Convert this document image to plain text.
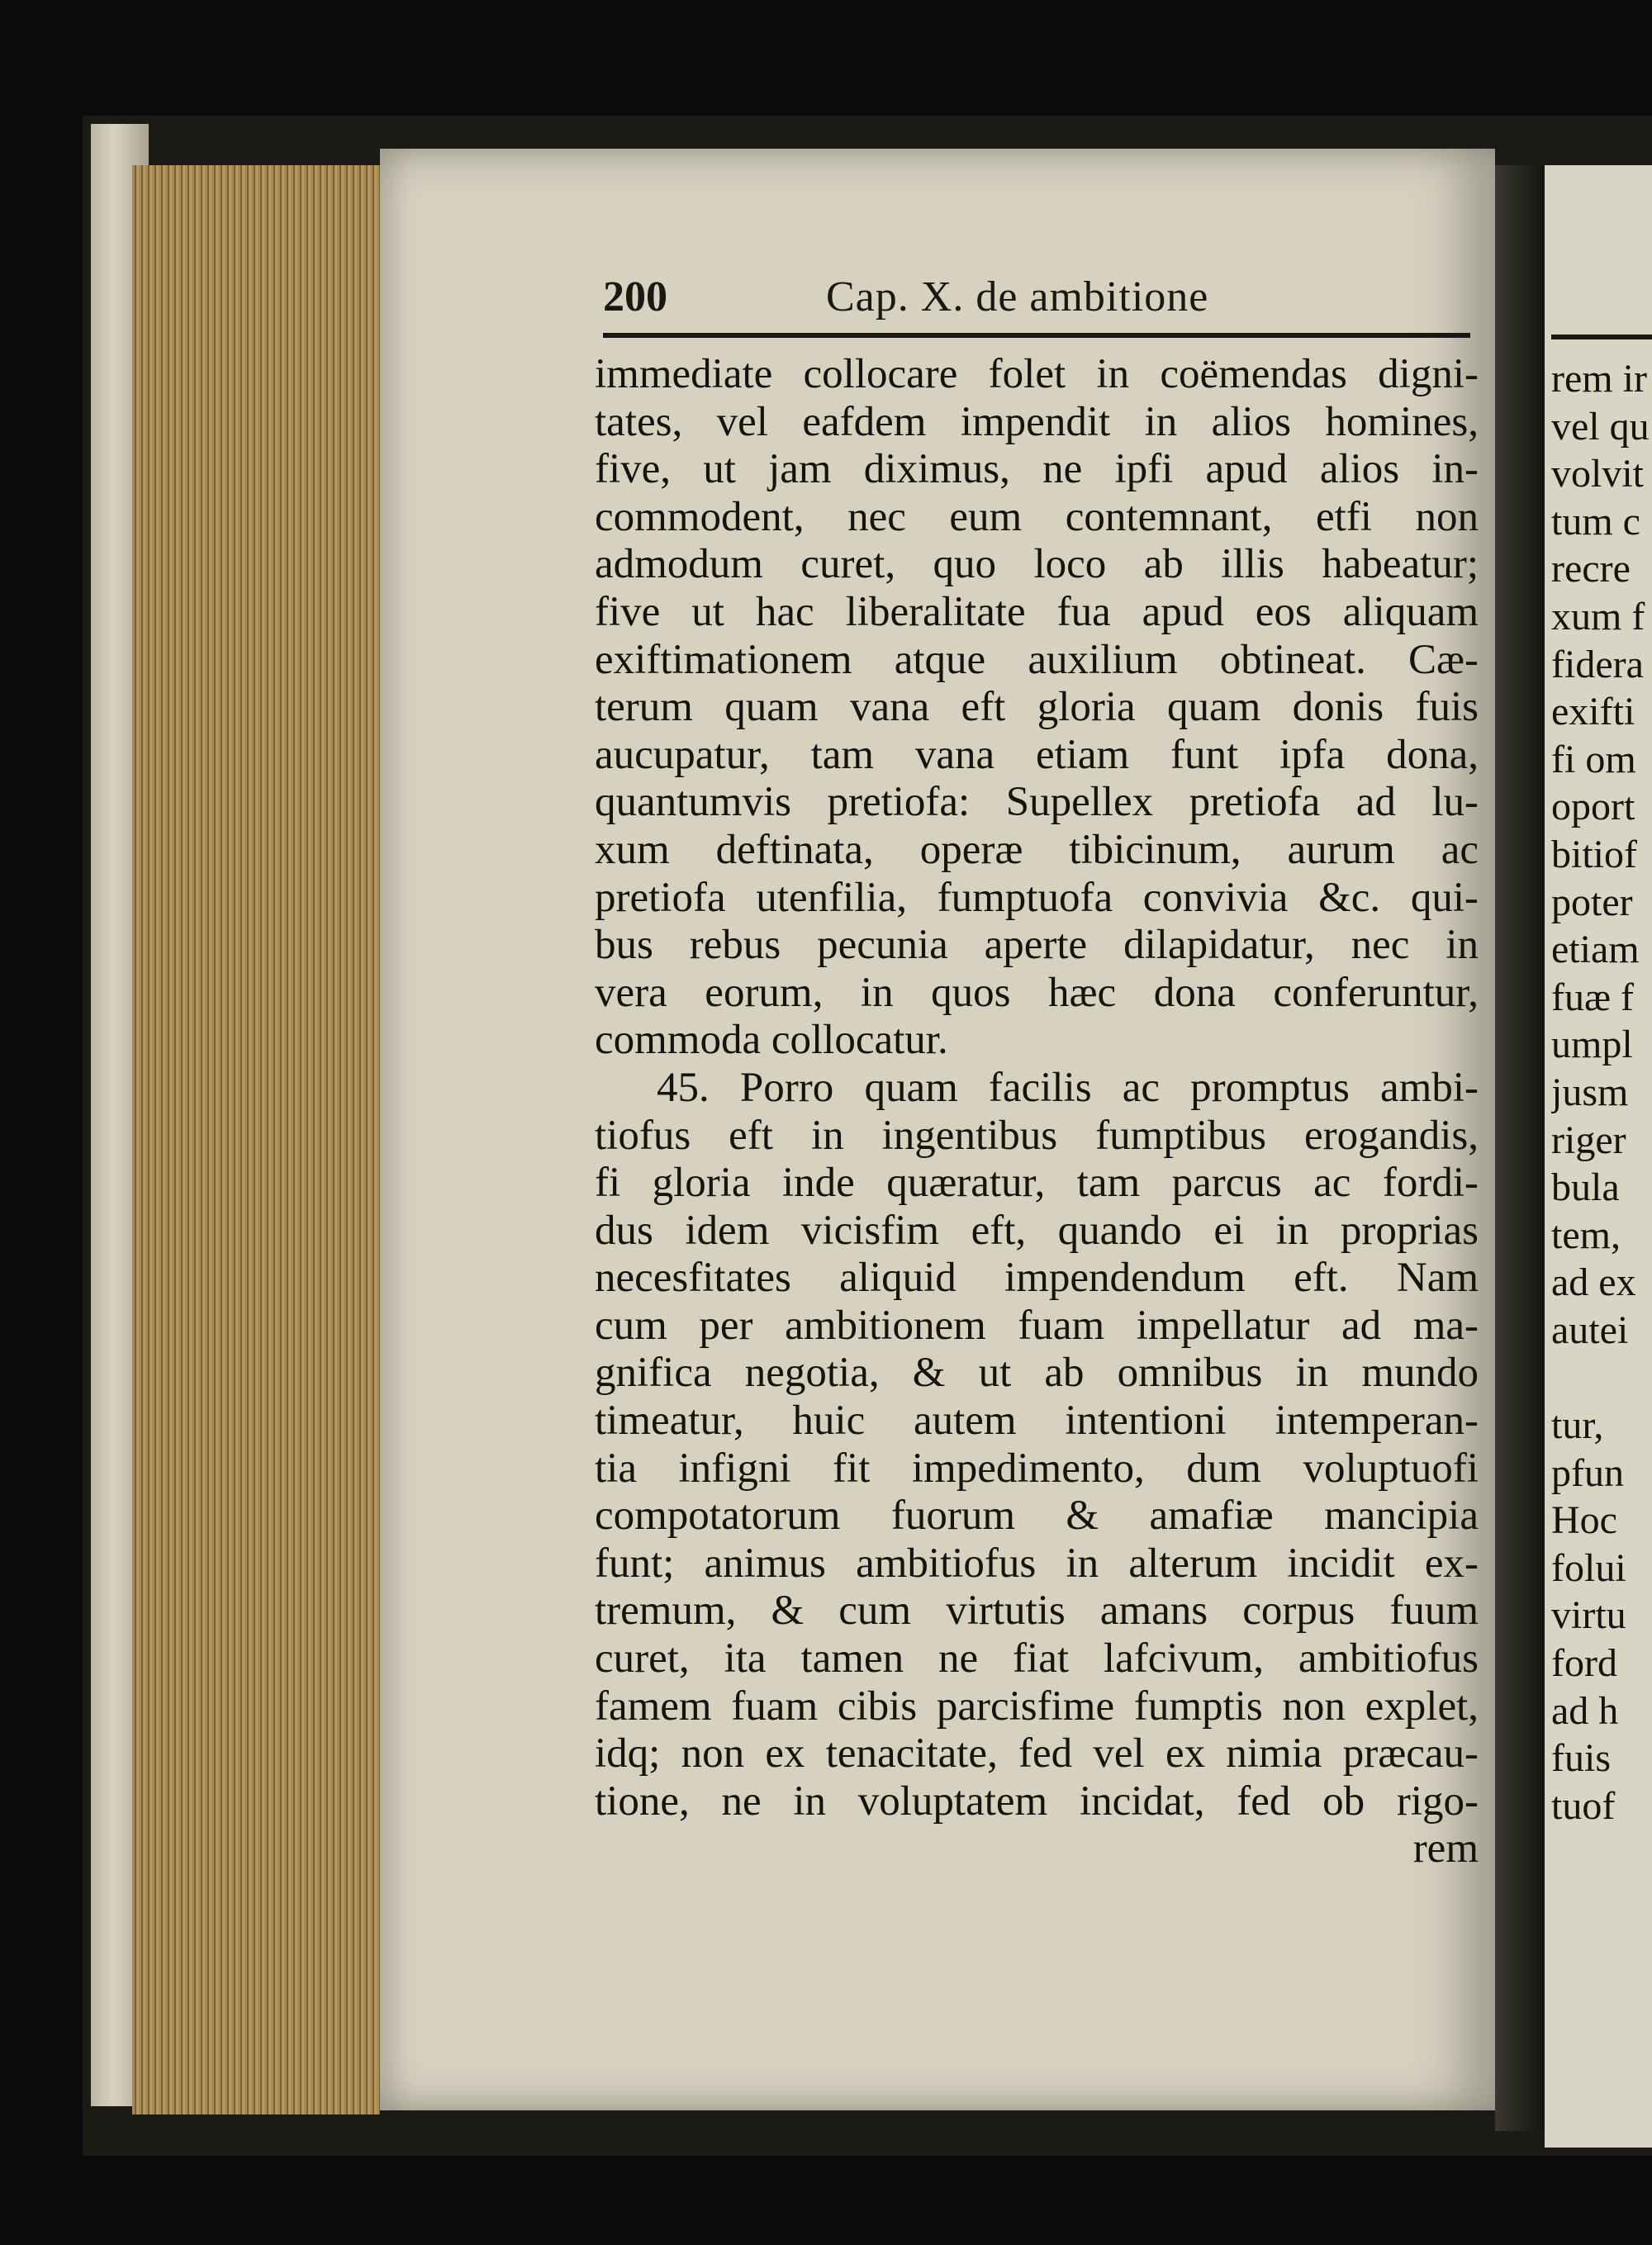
200	Cap. X. de ambitione
immediate collocare folet in coëmendas digni-
tates, vel eafdem impendit in alios homines,
five, ut jam diximus, ne ipfi apud alios in-
commodent, nec eum contemnant, etfi non
admodum curet, quo loco ab illis habeatur;
five ut hac liberalitate fua apud eos aliquam
exiftimationem atque auxilium obtineat. Cæ-
terum quam vana eft gloria quam donis fuis
aucupatur, tam vana etiam funt ipfa dona,
quantumvis pretiofa: Supellex pretiofa ad lu-
xum deftinata, operæ tibicinum, aurum ac
pretiofa utenfilia, fumptuofa convivia &c. qui-
bus rebus pecunia aperte dilapidatur, nec in
vera eorum, in quos hæc dona conferuntur,
commoda collocatur.
45. Porro quam facilis ac promptus ambi-
tiofus eft in ingentibus fumptibus erogandis,
fi gloria inde quæratur, tam parcus ac fordi-
dus idem vicisfim eft, quando ei in proprias
necesfitates aliquid impendendum eft. Nam
cum per ambitionem fuam impellatur ad ma-
gnifica negotia, & ut ab omnibus in mundo
timeatur, huic autem intentioni intemperan-
tia infigni fit impedimento, dum voluptuofi
compotatorum fuorum & amafiæ mancipia
funt; animus ambitiofus in alterum incidit ex-
tremum, & cum virtutis amans corpus fuum
curet, ita tamen ne fiat lafcivum, ambitiofus
famem fuam cibis parcisfime fumptis non explet,
idq; non ex tenacitate, fed vel ex nimia præcau-
tione, ne in voluptatem incidat, fed ob rigo-
rem
rem ir
vel qu
volvit
tum c
recre
xum f
fidera
exifti
fi om
oport
bitiof
poter
etiam
fuæ f
umpl
jusm
riger
bula
tem,
ad ex
autei
tur,
pfun
Hoc
folui
virtu
ford
ad h
fuis
tuof
